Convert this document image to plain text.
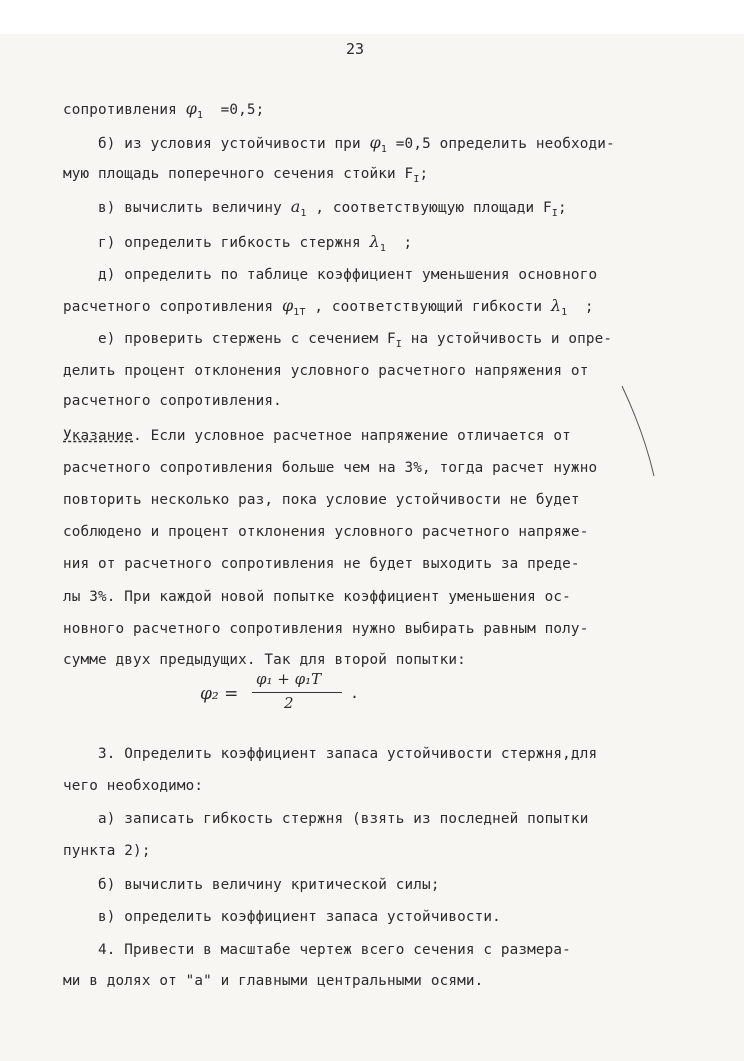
23
сопротивления $\varphi_1 =0,5$;
б) из условия устойчивости при $\varphi_1 =0,5$ определить необходи-
мую площадь поперечного сечения стойки $F_I$;
в) вычислить величину $a_1$ , соответствующую площади $F_I$;
г) определить гибкость стержня $\lambda_1$  ;
д) определить по таблице коэффициент уменьшения основного
расчетного сопротивления $\varphi_{1T}$ , соответствующий гибкости $\lambda_1$  ;
е) проверить стержень с сечением $F_I$ на устойчивость и опре-
делить процент отклонения условного расчетного напряжения от
расчетного сопротивления.
Указание. Если условное расчетное напряжение отличается от
расчетного сопротивления больше чем на 3%, тогда расчет нужно
повторить несколько раз, пока условие устойчивости не будет
соблюдено и процент отклонения условного расчетного напряже-
ния от расчетного сопротивления не будет выходить за преде-
лы 3%. При каждой новой попытке коэффициент уменьшения ос-
новного расчетного сопротивления нужно выбирать равным полу-
сумме двух предыдущих. Так для второй попытки:
3. Определить коэффициент запаса устойчивости стержня,для
чего необходимо:
а) записать гибкость стержня (взять из последней попытки
пункта 2);
б) вычислить величину критической силы;
в) определить коэффициент запаса устойчивости.
4. Привести в масштабе чертеж всего сечения с размера-
ми в долях от "а" и главными центральными осями.
φ₂ =
φ₁ + φ₁T
2
.
